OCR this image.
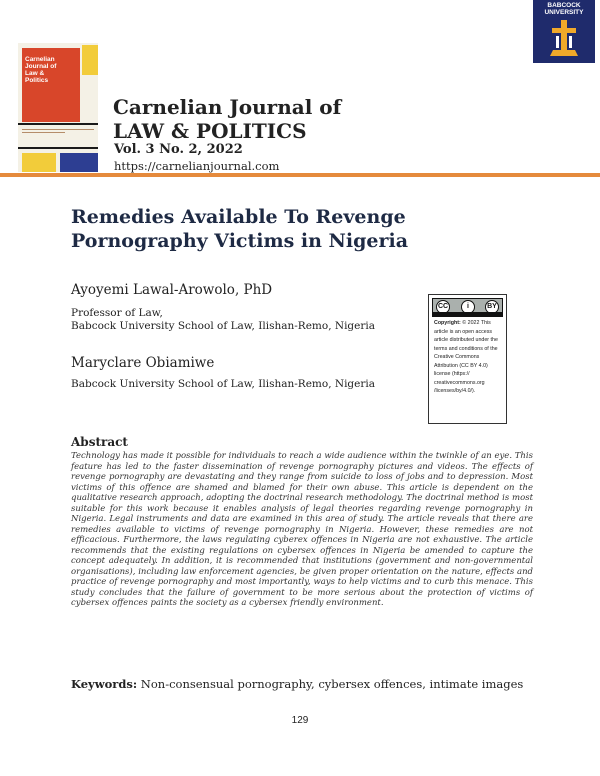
Carnelian
Journal of
Law &
Politics
Carnelian Journal of
LAW & POLITICS
Vol. 3 No. 2, 2022
https://carnelianjournal.com
BABCOCK
UNIVERSITY
Remedies Available To Revenge Pornography Victims in Nigeria
Ayoyemi Lawal-Arowolo, PhD
Professor of Law,
Babcock University School of Law, Ilishan-Remo, Nigeria
Maryclare Obiamiwe
Babcock University School of Law, Ilishan-Remo, Nigeria
CC	i	BY
Copyright: © 2022 This article is an open access article distributed under the terms and conditions of the Creative Commons Attribution (CC BY 4.0) license (https:// creativecommons.org /licenses/by/4.0/).
Abstract

Technology has made it possible for individuals to reach a wide audience within the twinkle of an eye. This feature has led to the faster dissemination of revenge pornography pictures and videos. The effects of revenge pornography are devastating and they range from suicide to loss of jobs and to depression. Most victims of this offence are shamed and blamed for their own abuse. This article is dependent on the qualitative research approach, adopting the doctrinal research methodology. The doctrinal method is most suitable for this work because it enables analysis of legal theories regarding revenge pornography in Nigeria. Legal instruments and data are examined in this area of study. The article reveals that there are remedies available to victims of revenge pornography in Nigeria. However, these remedies are not efficacious. Furthermore, the laws regulating cyberex offences in Nigeria are not exhaustive. The article recommends that the existing regulations on cybersex offences in Nigeria be amended to capture the concept adequately. In addition, it is recommended that institutions (government and non-governmental organisations), including law enforcement agencies, be given proper orientation on the nature, effects and practice of revenge pornography and most importantly, ways to help victims and to curb this menace. This study concludes that the failure of government to be more serious about the protection of victims of cybersex offences paints the society as a cybersex friendly environment.

Keywords: Non-consensual pornography, cybersex offences, intimate images
129
